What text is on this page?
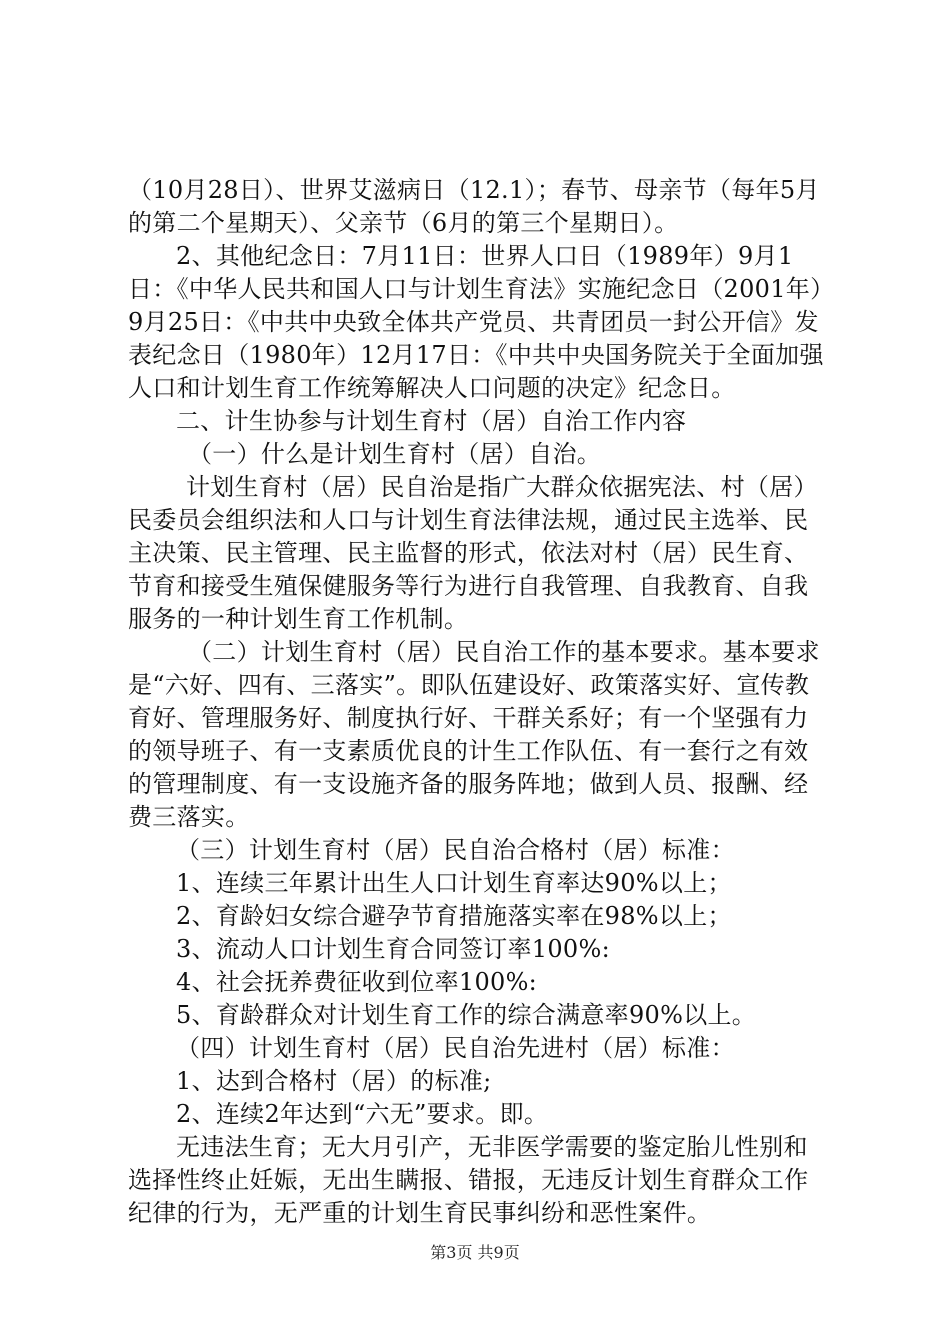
（10月28日）、世界艾滋病日（12.1）；春节、母亲节（每年5月的第二个星期天）、父亲节（6月的第三个星期日）。

2、其他纪念日：7月11日：世界人口日（1989年）9月1日：《中华人民共和国人口与计划生育法》实施纪念日（2001年）9月25日：《中共中央致全体共产党员、共青团员一封公开信》发表纪念日（1980年）12月17日：《中共中央国务院关于全面加强人口和计划生育工作统筹解决人口问题的决定》纪念日。

二、计生协参与计划生育村（居）自治工作内容

（一）什么是计划生育村（居）自治。

计划生育村（居）民自治是指广大群众依据宪法、村（居）民委员会组织法和人口与计划生育法律法规，通过民主选举、民主决策、民主管理、民主监督的形式，依法对村（居）民生育、节育和接受生殖保健服务等行为进行自我管理、自我教育、自我服务的一种计划生育工作机制。

（二）计划生育村（居）民自治工作的基本要求。基本要求是“六好、四有、三落实”。即队伍建设好、政策落实好、宣传教育好、管理服务好、制度执行好、干群关系好；有一个坚强有力的领导班子、有一支素质优良的计生工作队伍、有一套行之有效的管理制度、有一支设施齐备的服务阵地；做到人员、报酬、经费三落实。

（三）计划生育村（居）民自治合格村（居）标准：

1、连续三年累计出生人口计划生育率达90%以上；

2、育龄妇女综合避孕节育措施落实率在98%以上；

3、流动人口计划生育合同签订率100%:

4、社会抚养费征收到位率100%:

5、育龄群众对计划生育工作的综合满意率90%以上。

（四）计划生育村（居）民自治先进村（居）标准：

1、达到合格村（居）的标准;

2、连续2年达到“六无”要求。即。

无违法生育；无大月引产，无非医学需要的鉴定胎儿性别和选择性终止妊娠，无出生瞒报、错报，无违反计划生育群众工作纪律的行为，无严重的计划生育民事纠纷和恶性案件。

第3页 共9页
